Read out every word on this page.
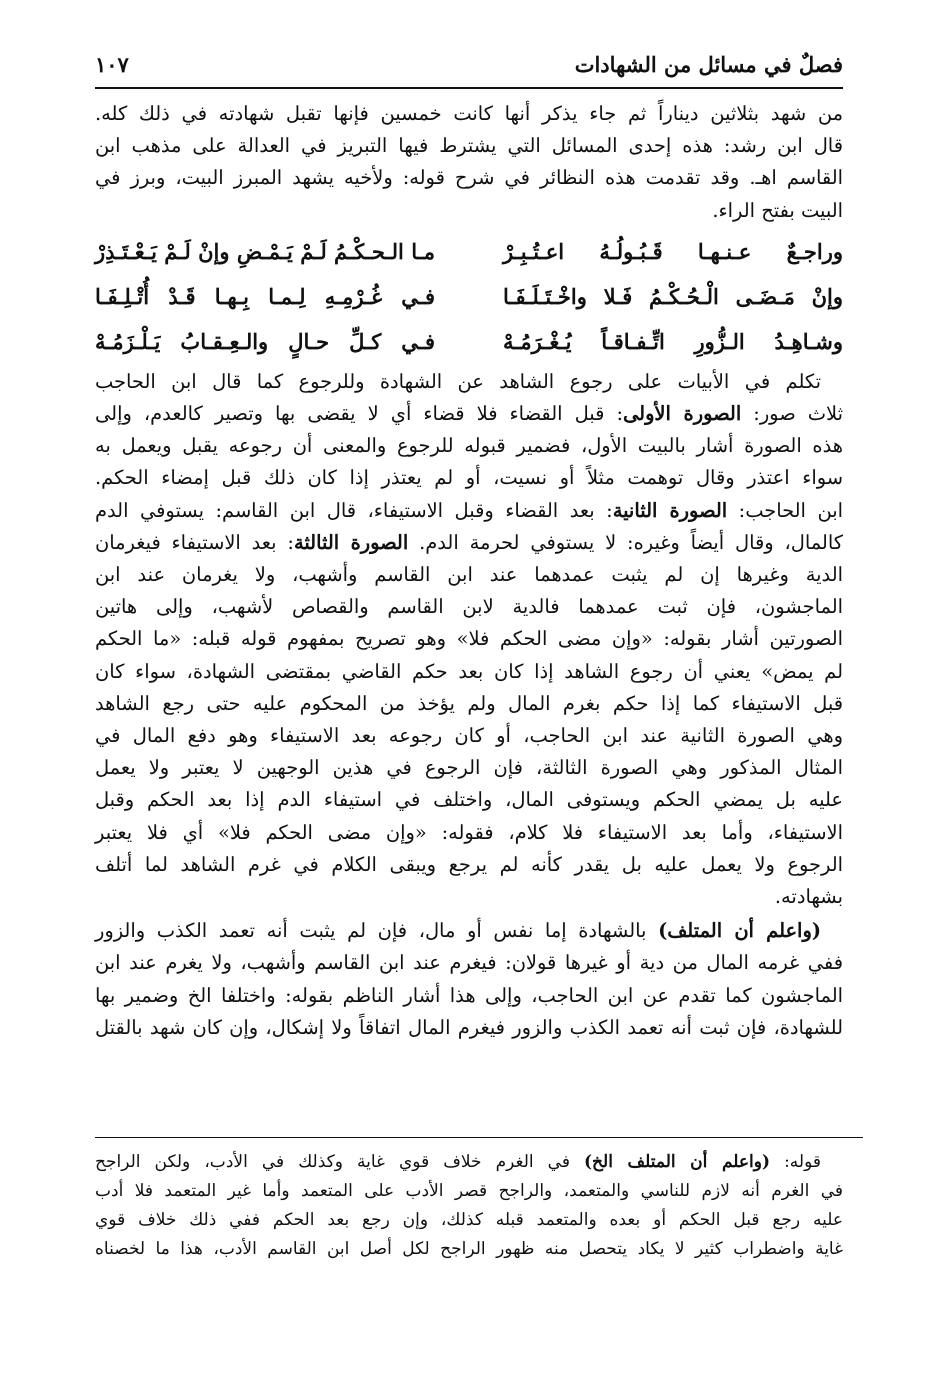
فصلٌ في مسائل من الشهادات
١٠٧
من شهد بثلاثين ديناراً ثم جاء يذكر أنها كانت خمسين فإنها تقبل شهادته في ذلك كله.
قال ابن رشد: هذه إحدى المسائل التي يشترط فيها التبريز في العدالة على مذهب ابن
القاسم اهـ. وقد تقدمت هذه النظائر في شرح قوله: ولأخيه يشهد المبرز البيت، وبرز في
البيت بفتح الراء.
وراجـعٌ عـنـهـا قَـبُـولُـهُ اعـتُـبِـرْ
مـا الـحـكْـمُ لَـمْ يَـمْـضِ وإنْ لَـمْ يَـعْـتَـذِرْ
وإنْ مَـضَـى الْـحُـكْـمُ فَـلا واخْـتَـلَـفَـا
فـي غُـرْمِـهِ لِـمـا بِـهـا قَـدْ أُتْـلِـفَـا
وشـاهِـدُ الـزُّورِ اتِّـفـاقـاً يُـغْـرَمُـهْ
فـي كـلِّ حـالٍ والـعِـقـابُ يَـلْـزَمُـهْ
تكلم في الأبيات على رجوع الشاهد عن الشهادة وللرجوع كما قال ابن الحاجب
ثلاث صور: الصورة الأولى: قبل القضاء فلا قضاء أي لا يقضى بها وتصير كالعدم، وإلى
هذه الصورة أشار بالبيت الأول، فضمير قبوله للرجوع والمعنى أن رجوعه يقبل ويعمل به
سواء اعتذر وقال توهمت مثلاً أو نسيت، أو لم يعتذر إذا كان ذلك قبل إمضاء الحكم.
ابن الحاجب: الصورة الثانية: بعد القضاء وقبل الاستيفاء، قال ابن القاسم: يستوفي الدم
كالمال، وقال أيضاً وغيره: لا يستوفي لحرمة الدم. الصورة الثالثة: بعد الاستيفاء فيغرمان
الدية وغيرها إن لم يثبت عمدهما عند ابن القاسم وأشهب، ولا يغرمان عند ابن
الماجشون، فإن ثبت عمدهما فالدية لابن القاسم والقصاص لأشهب، وإلى هاتين
الصورتين أشار بقوله: «وإن مضى الحكم فلا» وهو تصريح بمفهوم قوله قبله: «ما الحكم
لم يمض» يعني أن رجوع الشاهد إذا كان بعد حكم القاضي بمقتضى الشهادة، سواء كان
قبل الاستيفاء كما إذا حكم بغرم المال ولم يؤخذ من المحكوم عليه حتى رجع الشاهد
وهي الصورة الثانية عند ابن الحاجب، أو كان رجوعه بعد الاستيفاء وهو دفع المال في
المثال المذكور وهي الصورة الثالثة، فإن الرجوع في هذين الوجهين لا يعتبر ولا يعمل
عليه بل يمضي الحكم ويستوفى المال، واختلف في استيفاء الدم إذا بعد الحكم وقبل
الاستيفاء، وأما بعد الاستيفاء فلا كلام، فقوله: «وإن مضى الحكم فلا» أي فلا يعتبر
الرجوع ولا يعمل عليه بل يقدر كأنه لم يرجع ويبقى الكلام في غرم الشاهد لما أتلف
بشهادته.
(واعلم أن المتلف) بالشهادة إما نفس أو مال، فإن لم يثبت أنه تعمد الكذب والزور
ففي غرمه المال من دية أو غيرها قولان: فيغرم عند ابن القاسم وأشهب، ولا يغرم عند ابن
الماجشون كما تقدم عن ابن الحاجب، وإلى هذا أشار الناظم بقوله: واختلفا الخ وضمير بها
للشهادة، فإن ثبت أنه تعمد الكذب والزور فيغرم المال اتفاقاً ولا إشكال، وإن كان شهد بالقتل
قوله: (واعلم أن المتلف الخ) في الغرم خلاف قوي غاية وكذلك في الأدب، ولكن الراجح
في الغرم أنه لازم للناسي والمتعمد، والراجح قصر الأدب على المتعمد وأما غير المتعمد فلا أدب
عليه رجع قبل الحكم أو بعده والمتعمد قبله كذلك، وإن رجع بعد الحكم ففي ذلك خلاف قوي
غاية واضطراب كثير لا يكاد يتحصل منه ظهور الراجح لكل أصل ابن القاسم الأدب، هذا ما لخصناه
